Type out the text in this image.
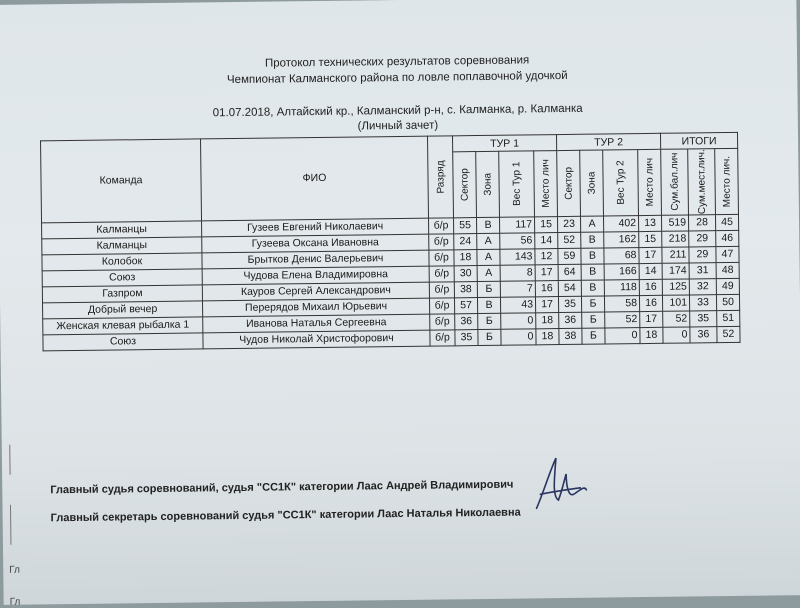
Протокол технических результатов соревнования
Чемпионат Калманского района по ловле поплавочной удочкой
01.07.2018, Алтайский кр., Калманский р-н, с. Калманка, р. Калманка
(Личный зачет)
Команда	ФИО	Разряд	ТУР 1				ТУР 2				ИТОГИ		

			Сектор	Зона	Вес Тур 1	Место лич	Сектор	Зона	Вес Тур 2	Место лич	Сум.бал.лич	Сум.мест.лич.	Место лич.

Калманцы	Гузеев Евгений Николаевич	б/р	55	В	117	15	23	А	402	13	519	28	45
Калманцы	Гузеева Оксана Ивановна	б/р	24	А	56	14	52	В	162	15	218	29	46
Колобок	Брытков Денис Валерьевич	б/р	18	А	143	12	59	В	68	17	211	29	47
Союз	Чудова Елена Владимировна	б/р	30	А	8	17	64	В	166	14	174	31	48
Газпром	Кауров Сергей Александрович	б/р	38	Б	7	16	54	В	118	16	125	32	49
Добрый вечер	Перерядов Михаил Юрьевич	б/р	57	В	43	17	35	Б	58	16	101	33	50
Женская клевая рыбалка 1	Иванова Наталья Сергеевна	б/р	36	Б	0	18	36	Б	52	17	52	35	51
Союз	Чудов Николай Христофорович	б/р	35	Б	0	18	38	Б	0	18	0	36	52
Главный судья соревнований, судья "СС1К" категории Лаас Андрей Владимирович
Главный секретарь соревнований судья "СС1К" категории Лаас Наталья Николаевна
Гл
Гл
